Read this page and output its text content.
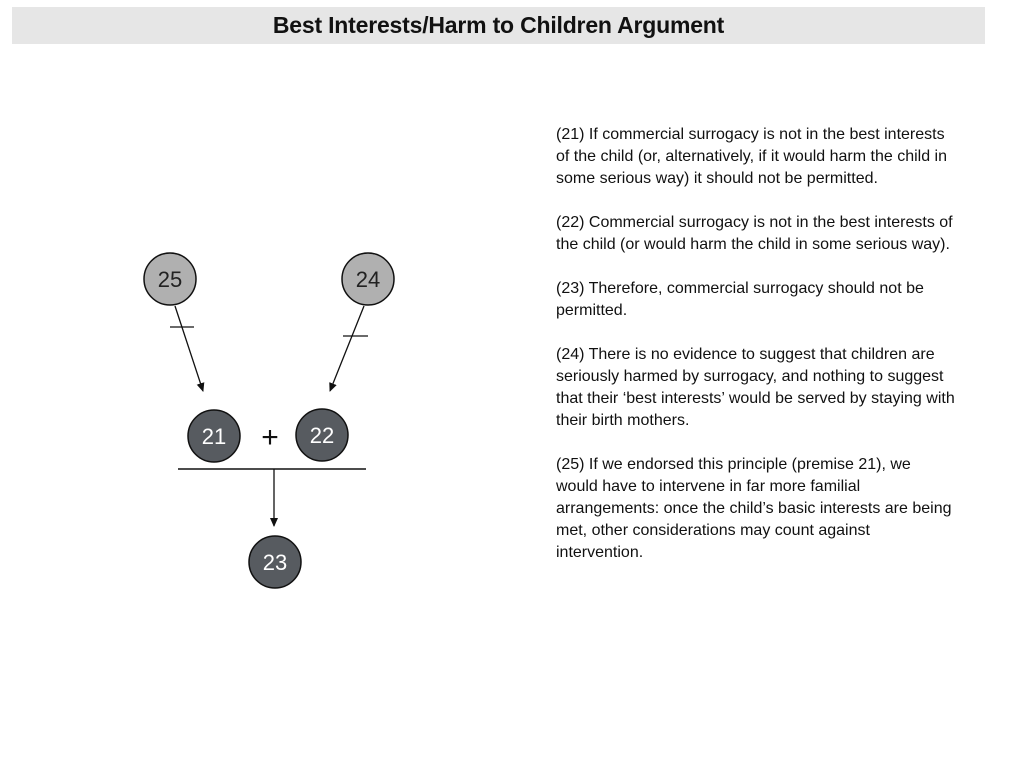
Best Interests/Harm to Children Argument
25	24
21 + 22
23

(21) If commercial surrogacy is not in the best interests of the child (or, alternatively, if it would harm the child in some serious way) it should not be permitted.

(22) Commercial surrogacy is not in the best interests of the child (or would harm the child in some serious way).

(23) Therefore, commercial surrogacy should not be permitted.

(24) There is no evidence to suggest that children are seriously harmed by surrogacy, and nothing to suggest that their ‘best interests’ would be served by staying with their birth mothers.

(25) If we endorsed this principle (premise 21), we would have to intervene in far more familial arrangements: once the child’s basic interests are being met, other considerations may count against intervention.
